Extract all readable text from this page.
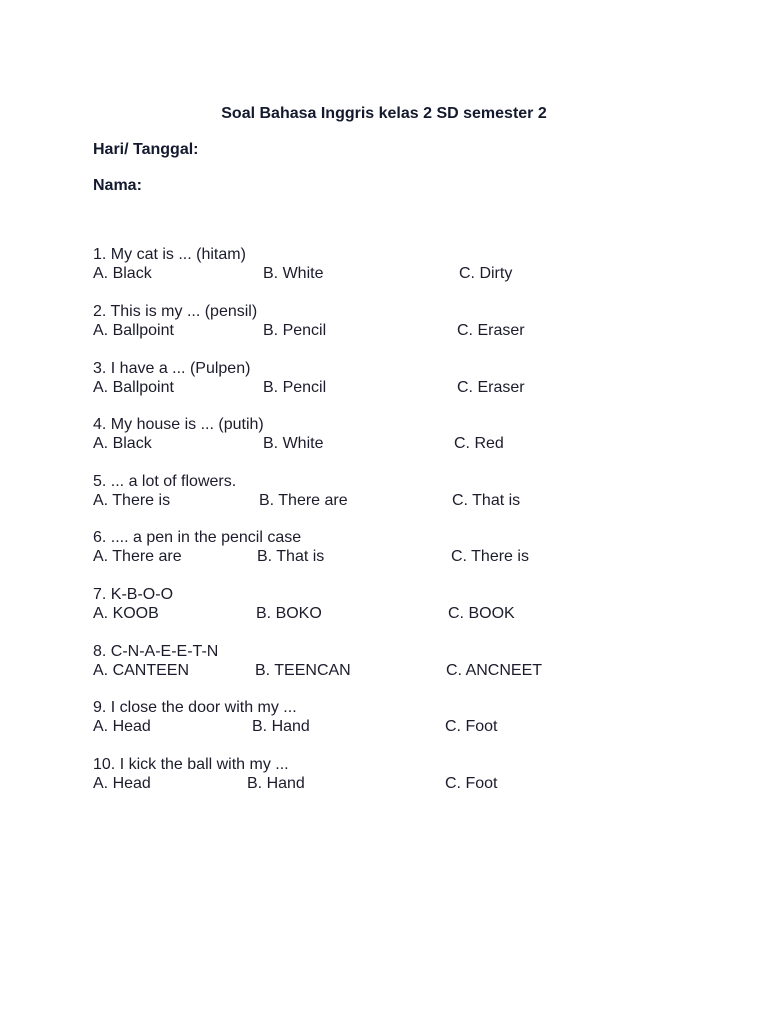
Soal Bahasa Inggris kelas 2 SD semester 2
Hari/ Tanggal:
Nama:
1. My cat is ... (hitam)
A. Black	B. White	C. Dirty
2. This is my ... (pensil)
A. Ballpoint	B. Pencil	C. Eraser
3. I have a ... (Pulpen)
A. Ballpoint	B. Pencil	C. Eraser
4. My house is ... (putih)
A. Black	B. White	C. Red
5. ... a lot of flowers.
A. There is	B. There are	C. That is
6. .... a pen in the pencil case
A. There are	B. That is	C. There is
7. K-B-O-O
A. KOOB	B. BOKO	C. BOOK
8. C-N-A-E-E-T-N
A. CANTEEN	B. TEENCAN	C. ANCNEET
9. I close the door with my ...
A. Head	B. Hand	C. Foot
10. I kick the ball with my ...
A. Head	B. Hand	C. Foot
